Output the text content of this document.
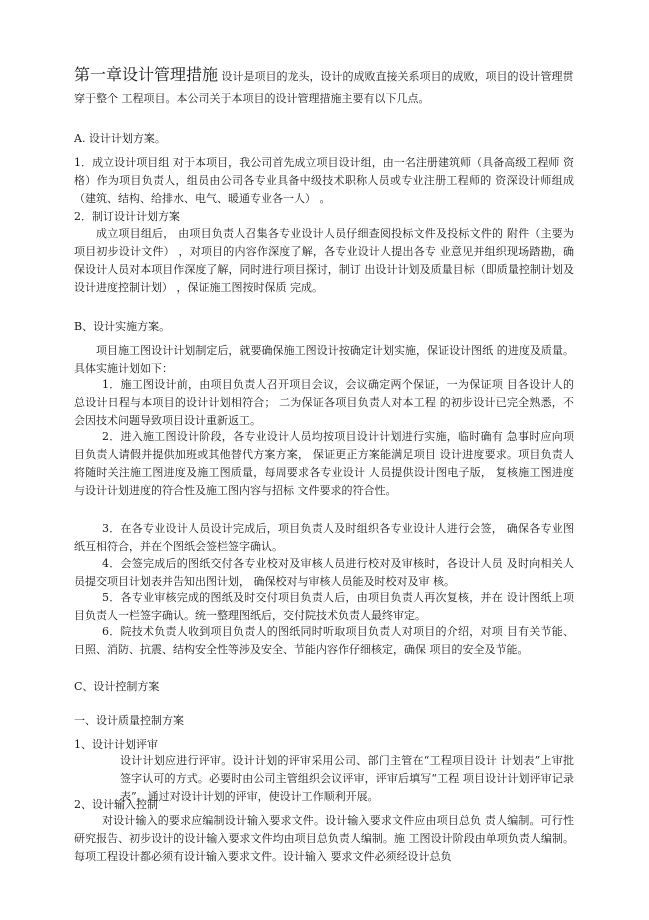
第一章设计管理措施 设计是项目的龙头，设计的成败直接关系项目的成败，项目的设计管理贯穿于整个 工程项目。本公司关于本项目的设计管理措施主要有以下几点。

A. 设计计划方案。

1．成立设计项目组 对于本项目，我公司首先成立项目设计组，由一名注册建筑师（具备高级工程师 资格）作为项目负责人，组员由公司各专业具备中级技术职称人员或专业注册工程师的 资深设计师组成（建筑、结构、给排水、电气、暖通专业各一人） 。

2．制订设计计划方案

成立项目组后， 由项目负责人召集各专业设计人员仔细查阅投标文件及投标文件的 附件（主要为项目初步设计文件） ，对项目的内容作深度了解，各专业设计人提出各专 业意见并组织现场踏勘，确保设计人员对本项目作深度了解，同时进行项目探讨，制订 出设计计划及质量目标（即质量控制计划及设计进度控制计划） ，保证施工图按时保质 完成。

B、设计实施方案。

项目施工图设计计划制定后，就要确保施工图设计按确定计划实施，保证设计图纸 的进度及质量。具体实施计划如下：

1．施工图设计前，由项目负责人召开项目会议，会议确定两个保证，一为保证项 目各设计人的总设计日程与本项目的设计计划相符合； 二为保证各项目负责人对本工程 的初步设计已完全熟悉，不会因技术问题导致项目设计重新返工。

2．进入施工图设计阶段，各专业设计人员均按项目设计计划进行实施，临时确有 急事时应向项目负责人请假并提供加班或其他替代方案方案， 保证更正方案能满足项目 设计进度要求。项目负责人将随时关注施工图进度及施工图质量，每周要求各专业设计 人员提供设计图电子版， 复核施工图进度与设计计划进度的符合性及施工图内容与招标 文件要求的符合性。

3．在各专业设计人员设计完成后，项目负责人及时组织各专业设计人进行会签， 确保各专业图纸互相符合，并在个图纸会签栏签字确认。

4．会签完成后的图纸交付各专业校对及审核人员进行校对及审核时，各设计人员 及时向相关人员提交项目计划表并告知出图计划， 确保校对与审核人员能及时校对及审 核。

5．各专业审核完成的图纸及时交付项目负责人后，由项目负责人再次复核，并在 设计图纸上项目负责人一栏签字确认。统一整理图纸后，交付院技术负责人最终审定。

6．院技术负责人收到项目负责人的图纸同时听取项目负责人对项目的介绍，对项 目有关节能、日照、消防、抗震、结构安全性等涉及安全、节能内容作仔细核定，确保 项目的安全及节能。

C、设计控制方案

一、设计质量控制方案

1、设计计划评审

设计计划应进行评审。设计计划的评审采用公司、部门主管在“工程项目设计 计划表”上审批签字认可的方式。必要时由公司主管组织会议评审，评审后填写“工程 项目设计计划评审记录表”。通过对设计计划的评审，使设计工作顺利开展。

2、设计输入控制

对设计输入的要求应编制设计输入要求文件。设计输入要求文件应由项目总负 责人编制。可行性研究报告、初步设计的设计输入要求文件均由项目总负责人编制。施 工图设计阶段由单项负责人编制。每项工程设计都必须有设计输入要求文件。设计输入 要求文件必须经设计总负
